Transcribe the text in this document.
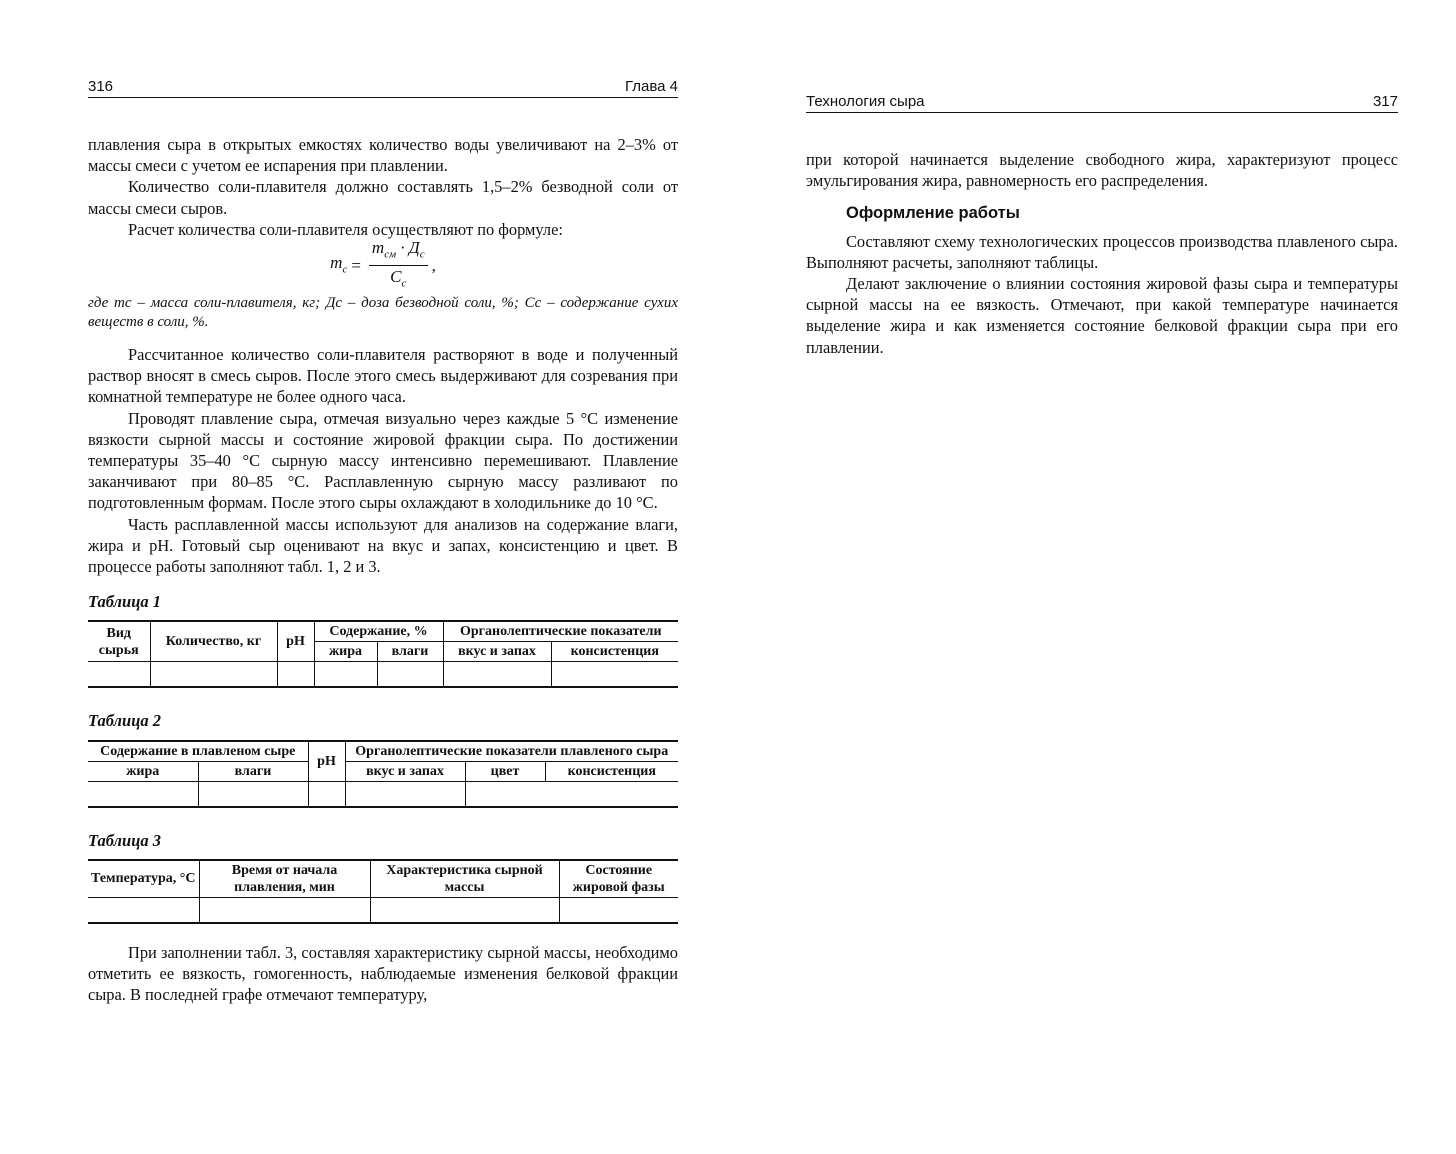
316	Глава 4

плавления сыра в открытых емкостях количество воды увеличивают на 2–3% от массы смеси с учетом ее испарения при плавлении.

Количество соли-плавителя должно составлять 1,5–2% безводной соли от массы смеси сыров.

Расчет количества соли-плавителя осуществляют по формуле:

$m_с = \frac{m_{см} \cdot Д_с}{C_с}$ ,

где mс – масса соли-плавителя, кг; Дс – доза безводной соли, %; Cс – содержание сухих веществ в соли, %.

Рассчитанное количество соли-плавителя растворяют в воде и полученный раствор вносят в смесь сыров. После этого смесь выдерживают для созревания при комнатной температуре не более одного часа.

Проводят плавление сыра, отмечая визуально через каждые 5 °С изменение вязкости сырной массы и состояние жировой фракции сыра. По достижении температуры 35–40 °С сырную массу интенсивно перемешивают. Плавление заканчивают при 80–85 °С. Расплавленную сырную массу разливают по подготовленным формам. После этого сыры охлаждают в холодильнике до 10 °С.

Часть расплавленной массы используют для анализов на содержание влаги, жира и рН. Готовый сыр оценивают на вкус и запах, консистенцию и цвет. В процессе работы заполняют табл. 1, 2 и 3.

Таблица 1
Вид сырья	Количество, кг	рН	Содержание, %		Органолептические показатели	
			жира	влаги	вкус и запах	консистенция

Таблица 2
Содержание в плавленом сыре		рН	Органолептические показатели плавленого сыра		
жира	влаги		вкус и запах	цвет	консистенция

Таблица 3
Температура, °С	Время от начала плавления, мин	Характеристика сырной массы	Состояние жировой фазы

При заполнении табл. 3, составляя характеристику сырной массы, необходимо отметить ее вязкость, гомогенность, наблюдаемые изменения белковой фракции сыра. В последней графе отмечают температуру,

Технология сыра	317

при которой начинается выделение свободного жира, характеризуют процесс эмульгирования жира, равномерность его распределения.

Оформление работы

Составляют схему технологических процессов производства плавленого сыра. Выполняют расчеты, заполняют таблицы.

Делают заключение о влиянии состояния жировой фазы сыра и температуры сырной массы на ее вязкость. Отмечают, при какой температуре начинается выделение жира и как изменяется состояние белковой фракции сыра при его плавлении.
